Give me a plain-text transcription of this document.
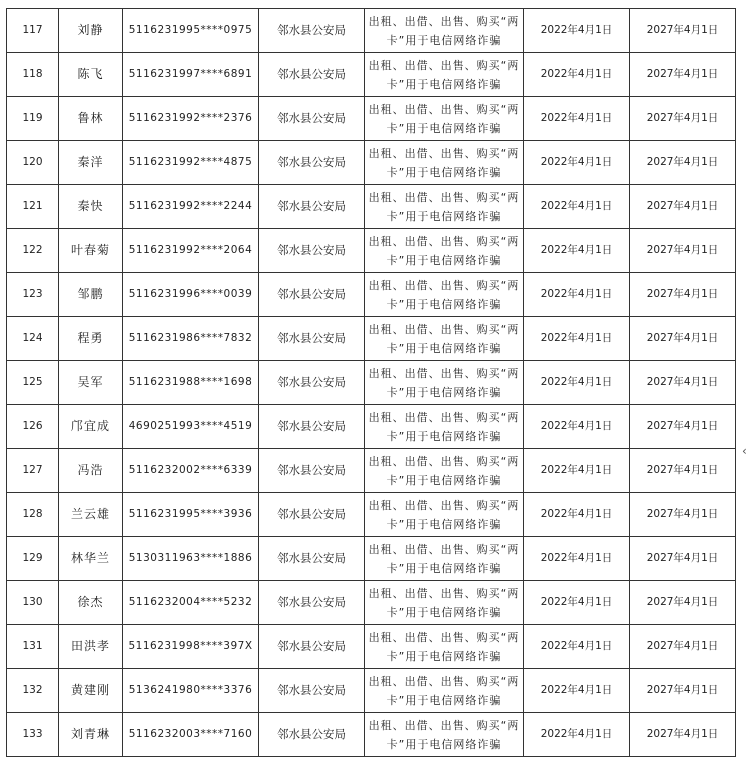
117	刘静	5116231995****0975	邻水县公安局	出租、出借、出售、购买“两
卡”用于电信网络诈骗	2022年4月1日	2027年4月1日
118	陈飞	5116231997****6891	邻水县公安局	出租、出借、出售、购买“两
卡”用于电信网络诈骗	2022年4月1日	2027年4月1日
119	鲁林	5116231992****2376	邻水县公安局	出租、出借、出售、购买“两
卡”用于电信网络诈骗	2022年4月1日	2027年4月1日
120	秦洋	5116231992****4875	邻水县公安局	出租、出借、出售、购买“两
卡”用于电信网络诈骗	2022年4月1日	2027年4月1日
121	秦快	5116231992****2244	邻水县公安局	出租、出借、出售、购买“两
卡”用于电信网络诈骗	2022年4月1日	2027年4月1日
122	叶春菊	5116231992****2064	邻水县公安局	出租、出借、出售、购买“两
卡”用于电信网络诈骗	2022年4月1日	2027年4月1日
123	邹鹏	5116231996****0039	邻水县公安局	出租、出借、出售、购买“两
卡”用于电信网络诈骗	2022年4月1日	2027年4月1日
124	程勇	5116231986****7832	邻水县公安局	出租、出借、出售、购买“两
卡”用于电信网络诈骗	2022年4月1日	2027年4月1日
125	吴军	5116231988****1698	邻水县公安局	出租、出借、出售、购买“两
卡”用于电信网络诈骗	2022年4月1日	2027年4月1日
126	邝宜成	4690251993****4519	邻水县公安局	出租、出借、出售、购买“两
卡”用于电信网络诈骗	2022年4月1日	2027年4月1日
127	冯浩	5116232002****6339	邻水县公安局	出租、出借、出售、购买“两
卡”用于电信网络诈骗	2022年4月1日	2027年4月1日
128	兰云雄	5116231995****3936	邻水县公安局	出租、出借、出售、购买“两
卡”用于电信网络诈骗	2022年4月1日	2027年4月1日
129	林华兰	5130311963****1886	邻水县公安局	出租、出借、出售、购买“两
卡”用于电信网络诈骗	2022年4月1日	2027年4月1日
130	徐杰	5116232004****5232	邻水县公安局	出租、出借、出售、购买“两
卡”用于电信网络诈骗	2022年4月1日	2027年4月1日
131	田洪孝	5116231998****397X	邻水县公安局	出租、出借、出售、购买“两
卡”用于电信网络诈骗	2022年4月1日	2027年4月1日
132	黄建刚	5136241980****3376	邻水县公安局	出租、出借、出售、购买“两
卡”用于电信网络诈骗	2022年4月1日	2027年4月1日
133	刘青琳	5116232003****7160	邻水县公安局	出租、出借、出售、购买“两
卡”用于电信网络诈骗	2022年4月1日	2027年4月1日
‹
